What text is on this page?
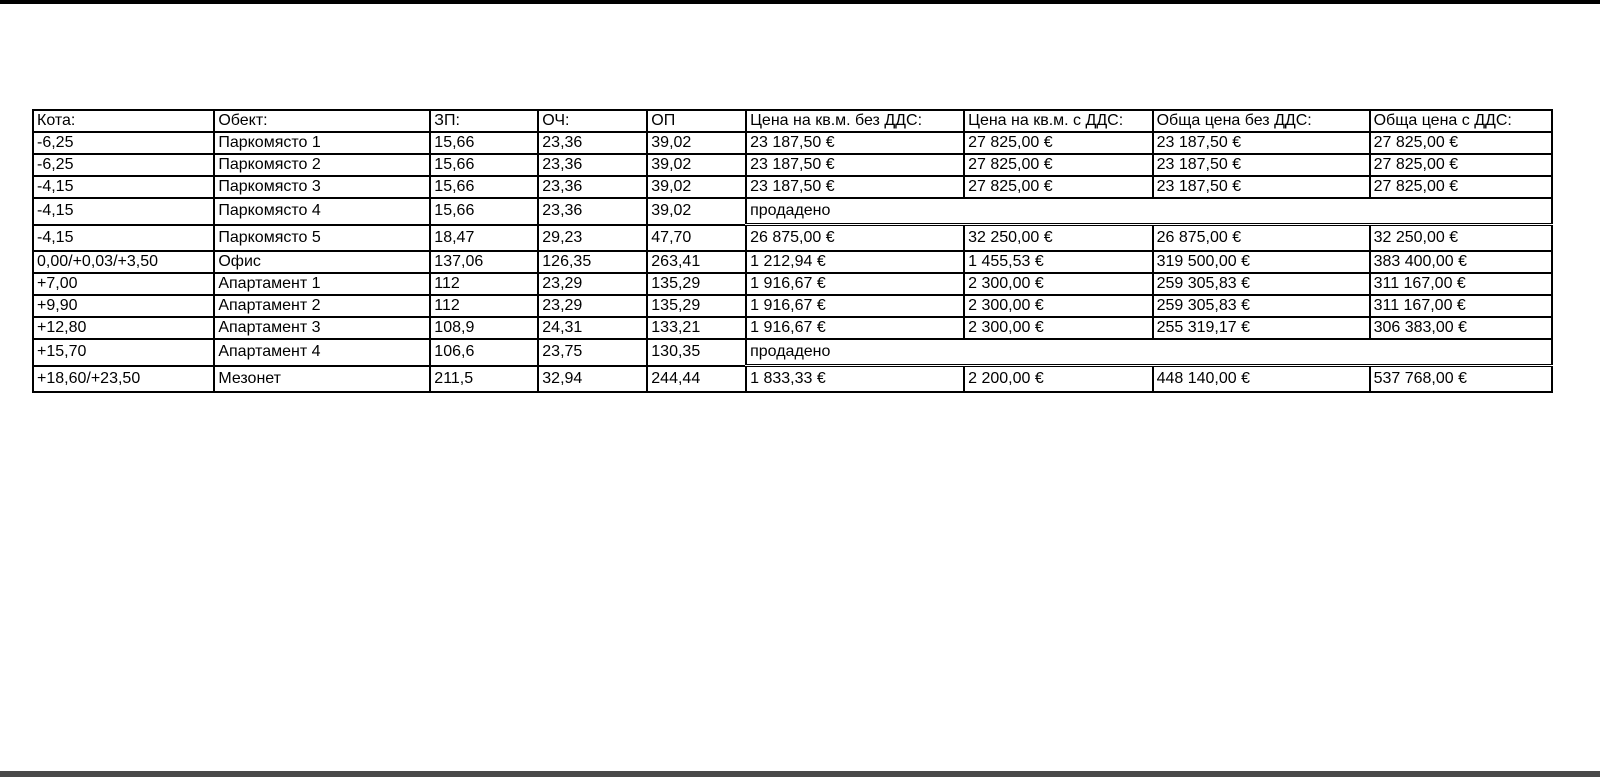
Кота:	Обект:	ЗП:	ОЧ:	ОП	Цена на кв.м. без ДДС:	Цена на кв.м. с ДДС:	Обща цена без ДДС:	Обща цена с ДДС:
-6,25	Паркомясто 1	15,66	23,36	39,02	23 187,50 €	27 825,00 €	23 187,50 €	27 825,00 €
-6,25	Паркомясто 2	15,66	23,36	39,02	23 187,50 €	27 825,00 €	23 187,50 €	27 825,00 €
-4,15	Паркомясто 3	15,66	23,36	39,02	23 187,50 €	27 825,00 €	23 187,50 €	27 825,00 €
-4,15	Паркомясто 4	15,66	23,36	39,02	продадено			
-4,15	Паркомясто 5	18,47	29,23	47,70	26 875,00 €	32 250,00 €	26 875,00 €	32 250,00 €
0,00/+0,03/+3,50	Офис	137,06	126,35	263,41	1 212,94 €	1 455,53 €	319 500,00 €	383 400,00 €
+7,00	Апартамент 1	112	23,29	135,29	1 916,67 €	2 300,00 €	259 305,83 €	311 167,00 €
+9,90	Апартамент 2	112	23,29	135,29	1 916,67 €	2 300,00 €	259 305,83 €	311 167,00 €
+12,80	Апартамент 3	108,9	24,31	133,21	1 916,67 €	2 300,00 €	255 319,17 €	306 383,00 €
+15,70	Апартамент 4	106,6	23,75	130,35	продадено			
+18,60/+23,50	Мезонет	211,5	32,94	244,44	1 833,33 €	2 200,00 €	448 140,00 €	537 768,00 €
